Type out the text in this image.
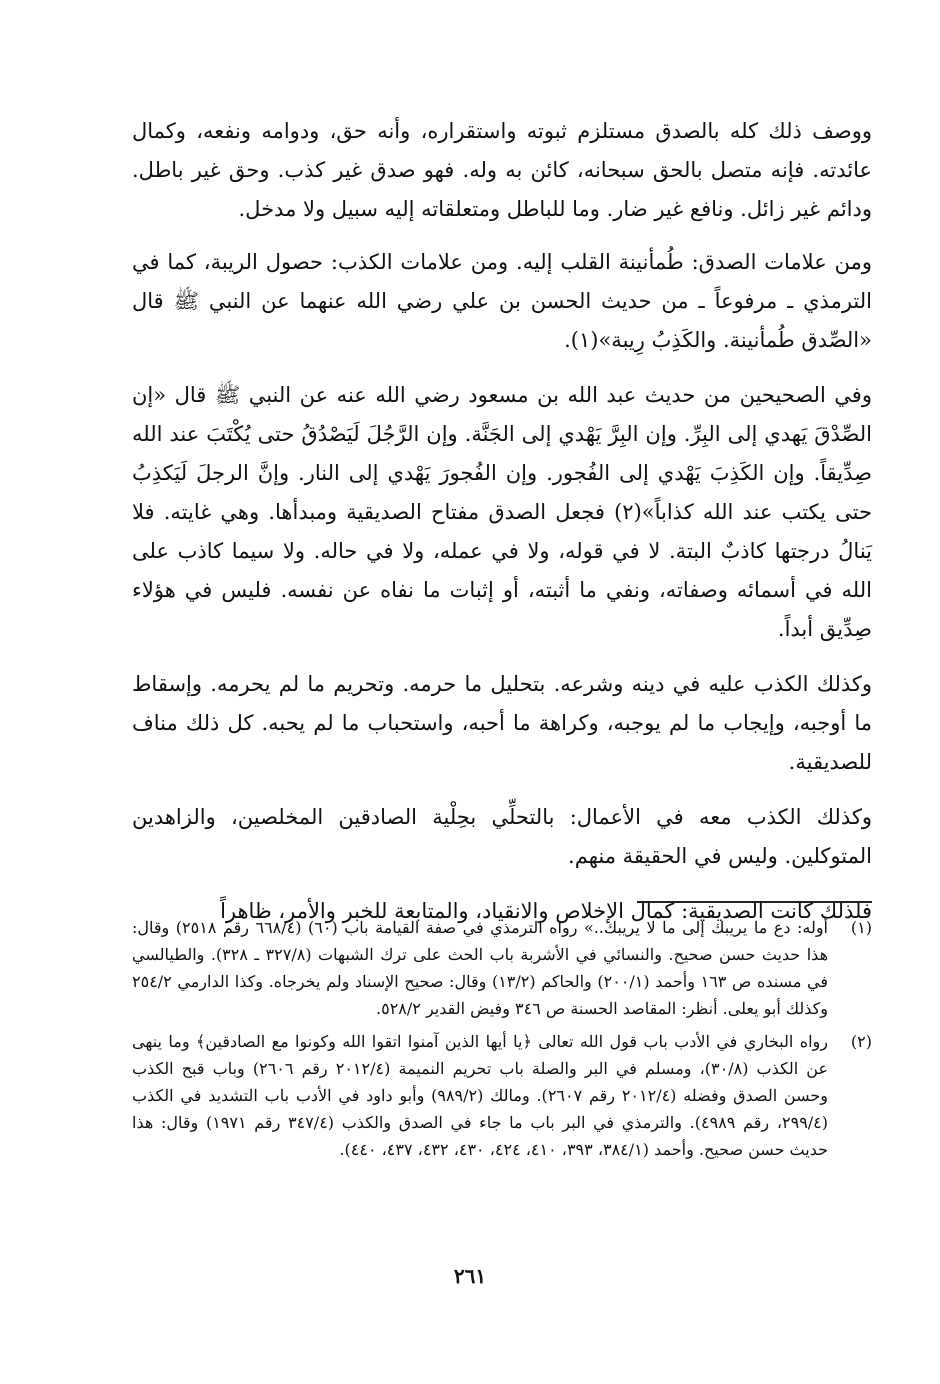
ووصف ذلك كله بالصدق مستلزم ثبوته واستقراره، وأنه حق، ودوامه ونفعه، وكمال عائدته. فإنه متصل بالحق سبحانه، كائن به وله. فهو صدق غير كذب. وحق غير باطل. ودائم غير زائل. ونافع غير ضار. وما للباطل ومتعلقاته إليه سبيل ولا مدخل.

ومن علامات الصدق: طُمأنينة القلب إليه. ومن علامات الكذب: حصول الريبة، كما في الترمذي ـ مرفوعاً ـ من حديث الحسن بن علي رضي الله عنهما عن النبي ﷺ قال «الصِّدق طُمأنينة. والكَذِبُ رِيبة»(١).

وفي الصحيحين من حديث عبد الله بن مسعود رضي الله عنه عن النبي ﷺ قال «إن الصِّدْقَ يَهدي إلى البِرِّ. وإن البِرَّ يَهْدي إلى الجَنَّة. وإن الرَّجُلَ لَيَصْدُقُ حتى يُكْتَبَ عند الله صِدِّيقاً. وإن الكَذِبَ يَهْدي إلى الفُجور. وإن الفُجورَ يَهْدي إلى النار. وإنَّ الرجلَ لَيَكذِبُ حتى يكتب عند الله كذاباً»(٢) فجعل الصدق مفتاح الصديقية ومبدأها. وهي غايته. فلا يَنالُ درجتها كاذبٌ البتة. لا في قوله، ولا في عمله، ولا في حاله. ولا سيما كاذب على الله في أسمائه وصفاته، ونفي ما أثبته، أو إثبات ما نفاه عن نفسه. فليس في هؤلاء صِدِّيق أبداً.

وكذلك الكذب عليه في دينه وشرعه. بتحليل ما حرمه. وتحريم ما لم يحرمه. وإسقاط ما أوجبه، وإيجاب ما لم يوجبه، وكراهة ما أحبه، واستحباب ما لم يحبه. كل ذلك مناف للصديقية.

وكذلك الكذب معه في الأعمال: بالتحلِّي بحِلْية الصادقين المخلصين، والزاهدين المتوكلين. وليس في الحقيقة منهم.

فلذلك كانت الصديقية: كمال الإخلاص والانقياد، والمتابعة للخبر والأمر، ظاهراً

(١)
أوله: دع ما يريبك إلى ما لا يريبك..» رواه الترمذي في صفة القيامة باب (٦٠) (٦٦٨/٤ رقم ٢٥١٨) وقال: هذا حديث حسن صحيح. والنسائي في الأشربة باب الحث على ترك الشبهات (٣٢٧/٨ ـ ٣٢٨). والطيالسي في مسنده ص ١٦٣ وأحمد (٢٠٠/١) والحاكم (١٣/٢) وقال: صحيح الإسناد ولم يخرجاه. وكذا الدارمي ٢٥٤/٢ وكذلك أبو يعلى. أنظر: المقاصد الحسنة ص ٣٤٦ وفيض القدير ٥٢٨/٢.
(٢)
رواه البخاري في الأدب باب قول الله تعالى ﴿يا أيها الذين آمنوا اتقوا الله وكونوا مع الصادقين﴾ وما ينهى عن الكذب (٣٠/٨)، ومسلم في البر والصلة باب تحريم النميمة (٢٠١٢/٤ رقم ٢٦٠٦) وباب قبح الكذب وحسن الصدق وفضله (٢٠١٢/٤ رقم ٢٦٠٧). ومالك (٩٨٩/٢) وأبو داود في الأدب باب التشديد في الكذب (٢٩٩/٤، رقم ٤٩٨٩). والترمذي في البر باب ما جاء في الصدق والكذب (٣٤٧/٤ رقم ١٩٧١) وقال: هذا حديث حسن صحيح. وأحمد (٣٨٤/١، ٣٩٣، ٤١٠، ٤٢٤، ٤٣٠، ٤٣٢، ٤٣٧، ٤٤٠).
٢٦١
